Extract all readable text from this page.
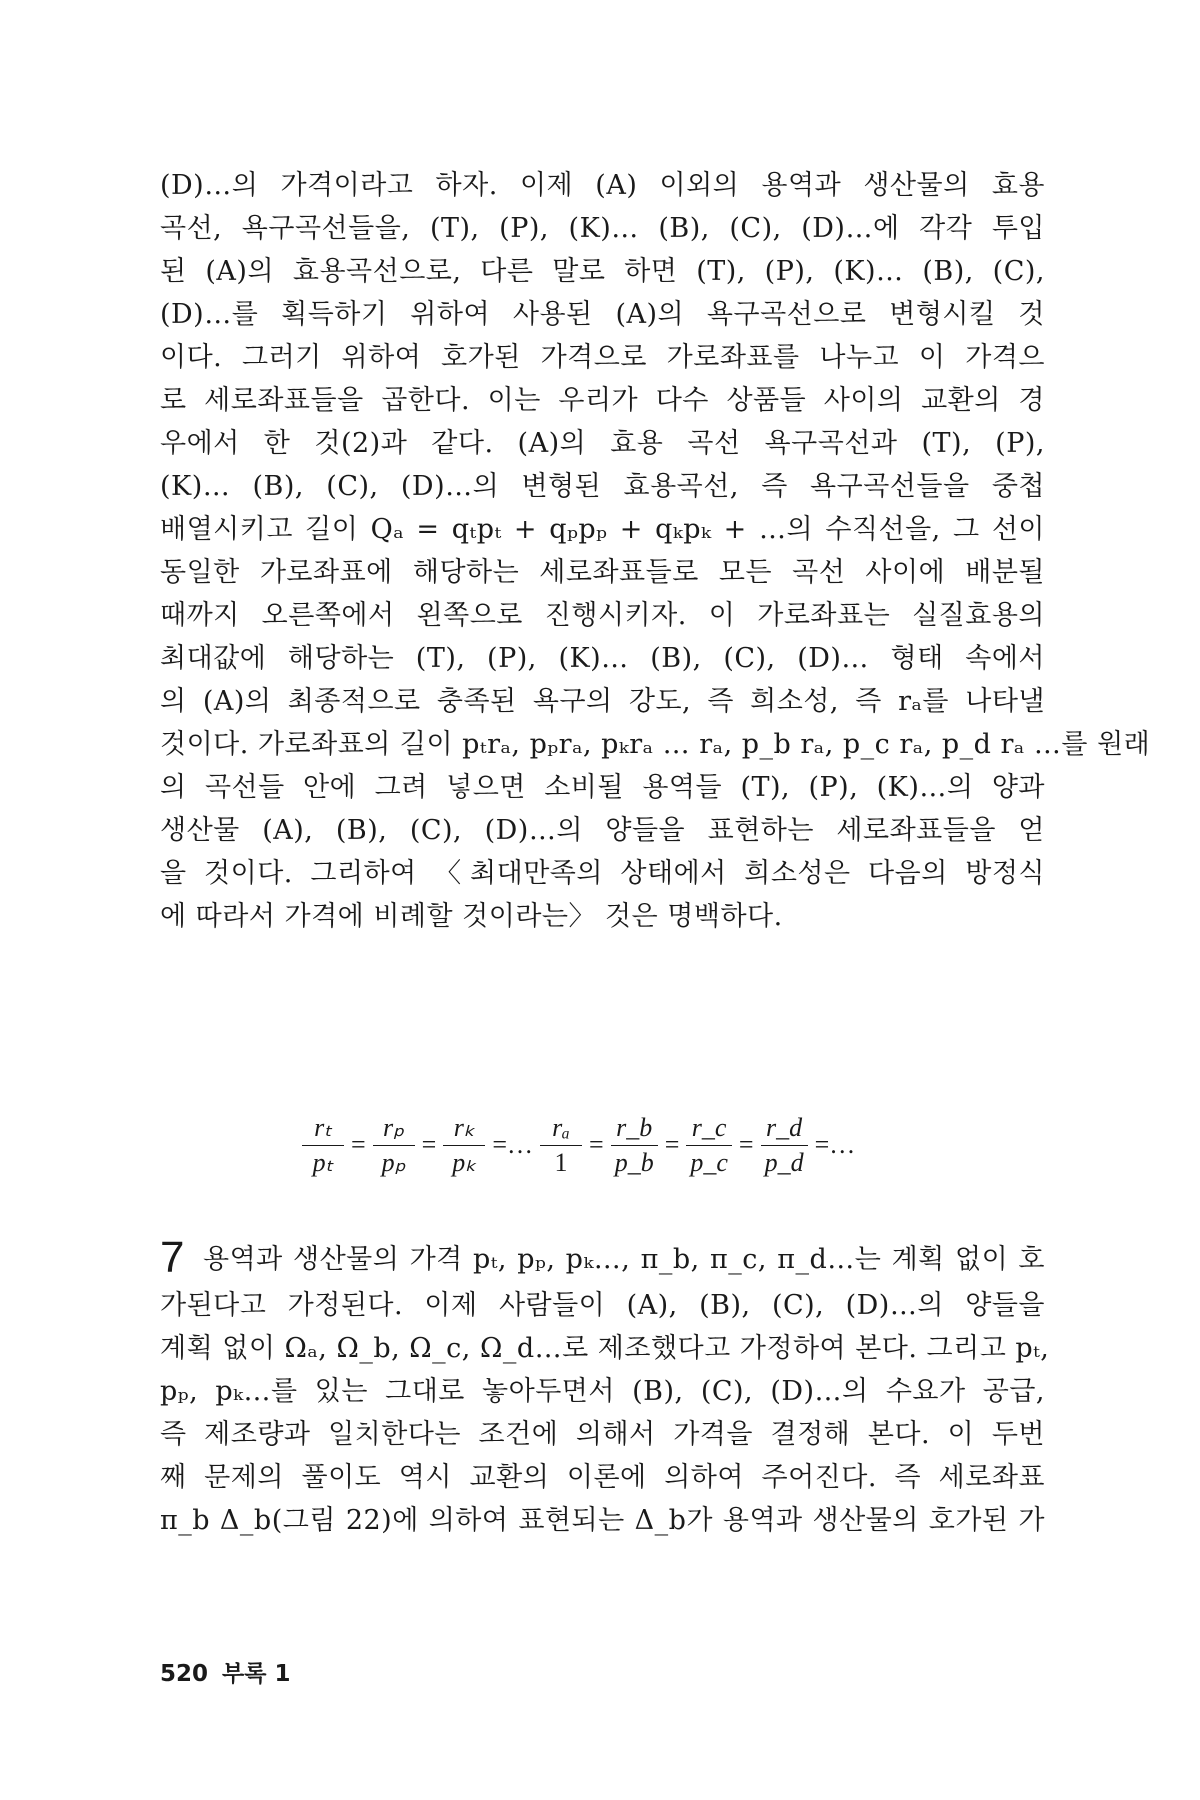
(D)…의 가격이라고 하자. 이제 (A) 이외의 용역과 생산물의 효용
곡선, 욕구곡선들을, (T), (P), (K)… (B), (C), (D)…에 각각 투입
된 (A)의 효용곡선으로, 다른 말로 하면 (T), (P), (K)… (B), (C),
(D)…를 획득하기 위하여 사용된 (A)의 욕구곡선으로 변형시킬 것
이다. 그러기 위하여 호가된 가격으로 가로좌표를 나누고 이 가격으
로 세로좌표들을 곱한다. 이는 우리가 다수 상품들 사이의 교환의 경
우에서 한 것(2)과 같다. (A)의 효용 곡선 욕구곡선과 (T), (P),
(K)… (B), (C), (D)…의 변형된 효용곡선, 즉 욕구곡선들을 중첩
배열시키고 길이 Qₐ = qₜpₜ + qₚpₚ + qₖpₖ + …의 수직선을, 그 선이
동일한 가로좌표에 해당하는 세로좌표들로 모든 곡선 사이에 배분될
때까지 오른쪽에서 왼쪽으로 진행시키자. 이 가로좌표는 실질효용의
최대값에 해당하는 (T), (P), (K)… (B), (C), (D)… 형태 속에서
의 (A)의 최종적으로 충족된 욕구의 강도, 즉 희소성, 즉 rₐ를 나타낼
것이다. 가로좌표의 길이 pₜrₐ, pₚrₐ, pₖrₐ … rₐ, p_b rₐ, p_c rₐ, p_d rₐ …를 원래
의 곡선들 안에 그려 넣으면 소비될 용역들 (T), (P), (K)…의 양과
생산물 (A), (B), (C), (D)…의 양들을 표현하는 세로좌표들을 얻
을 것이다. 그리하여 〈최대만족의 상태에서 희소성은 다음의 방정식
에 따라서 가격에 비례할 것이라는〉 것은 명백하다.
$\frac{\text{rₜ}}{\text{pₜ}} = \frac{\text{rₚ}}{\text{pₚ}} = \frac{\text{rₖ}}{\text{pₖ}}$ =… $\frac{\text{rₐ}}{1} = \frac{r\_b}{p\_b} = \frac{r\_c}{p\_c} = \frac{r\_d}{p\_d}$ =…
7 용역과 생산물의 가격 pₜ, pₚ, pₖ…, π_b, π_c, π_d…는 계획 없이 호
가된다고 가정된다. 이제 사람들이 (A), (B), (C), (D)…의 양들을
계획 없이 Ωₐ, Ω_b, Ω_c, Ω_d…로 제조했다고 가정하여 본다. 그리고 pₜ,
pₚ, pₖ…를 있는 그대로 놓아두면서 (B), (C), (D)…의 수요가 공급,
즉 제조량과 일치한다는 조건에 의해서 가격을 결정해 본다. 이 두번
째 문제의 풀이도 역시 교환의 이론에 의하여 주어진다. 즉 세로좌표
π_b Δ_b(그림 22)에 의하여 표현되는 Δ_b가 용역과 생산물의 호가된 가
520 부록 1
